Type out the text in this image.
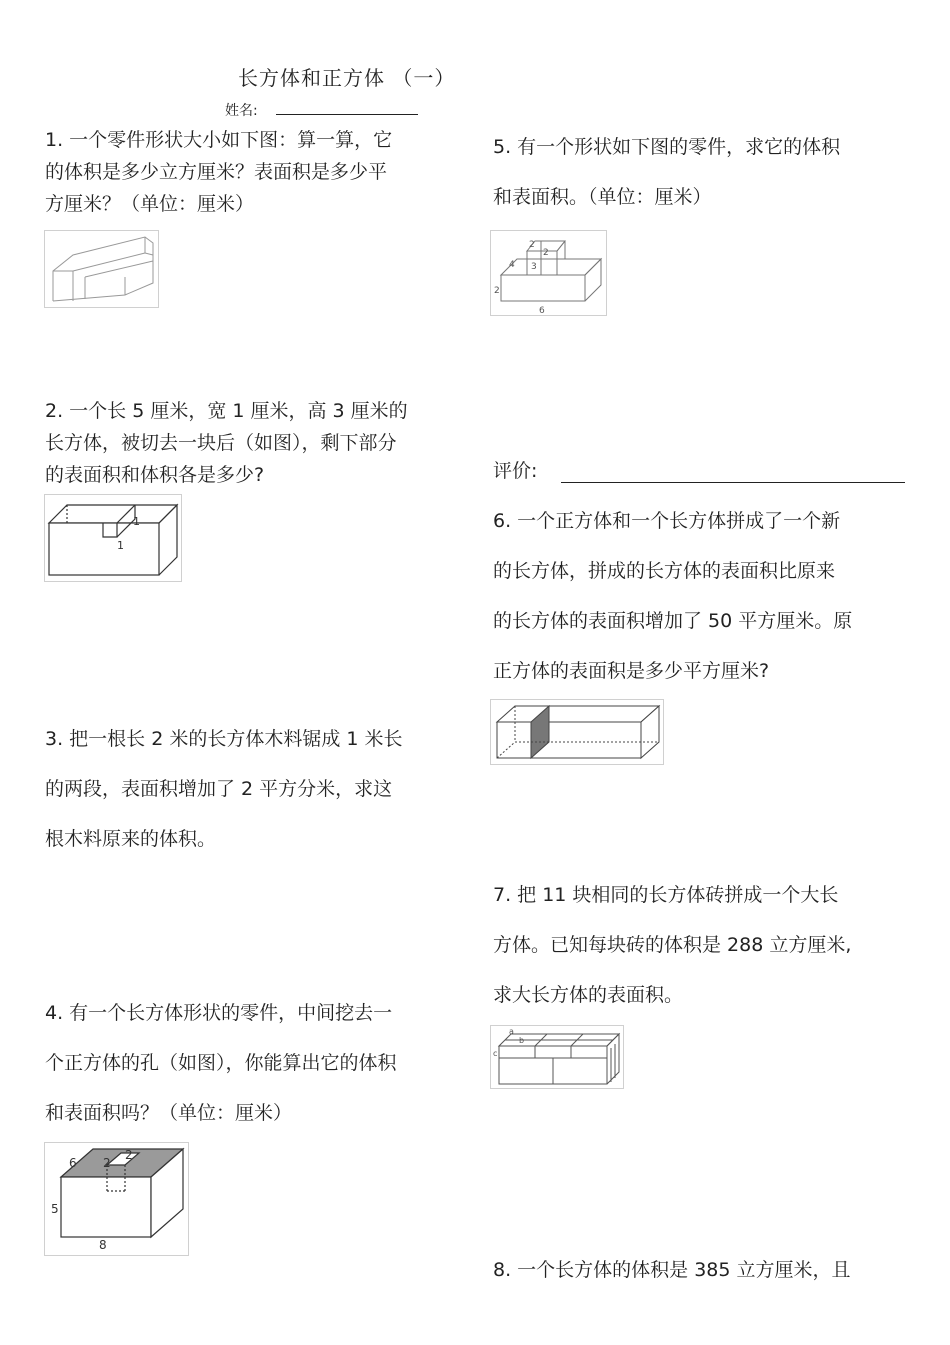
长方体和正方体 （一）
姓名:
1. 一个零件形状大小如下图：算一算，它
的体积是多少立方厘米？表面积是多少平
方厘米？（单位：厘米）
2. 一个长 5 厘米，宽 1 厘米，高 3 厘米的
长方体，被切去一块后（如图），剩下部分
的表面积和体积各是多少?
1
1
3. 把一根长 2 米的长方体木料锯成 1 米长
的两段，表面积增加了 2 平方分米，求这
根木料原来的体积。
4. 有一个长方体形状的零件，中间挖去一
个正方体的孔（如图），你能算出它的体积
和表面积吗？（单位：厘米）
6 2
2
5
8
5. 有一个形状如下图的零件，求它的体积
和表面积。（单位：厘米）
2
2
4 3
2
6
评价:
6. 一个正方体和一个长方体拼成了一个新
的长方体，拼成的长方体的表面积比原来
的长方体的表面积增加了 50 平方厘米。原
正方体的表面积是多少平方厘米?
7. 把 11 块相同的长方体砖拼成一个大长
方体。已知每块砖的体积是 288 立方厘米,
求大长方体的表面积。
a
b
c
8. 一个长方体的体积是 385 立方厘米，且
